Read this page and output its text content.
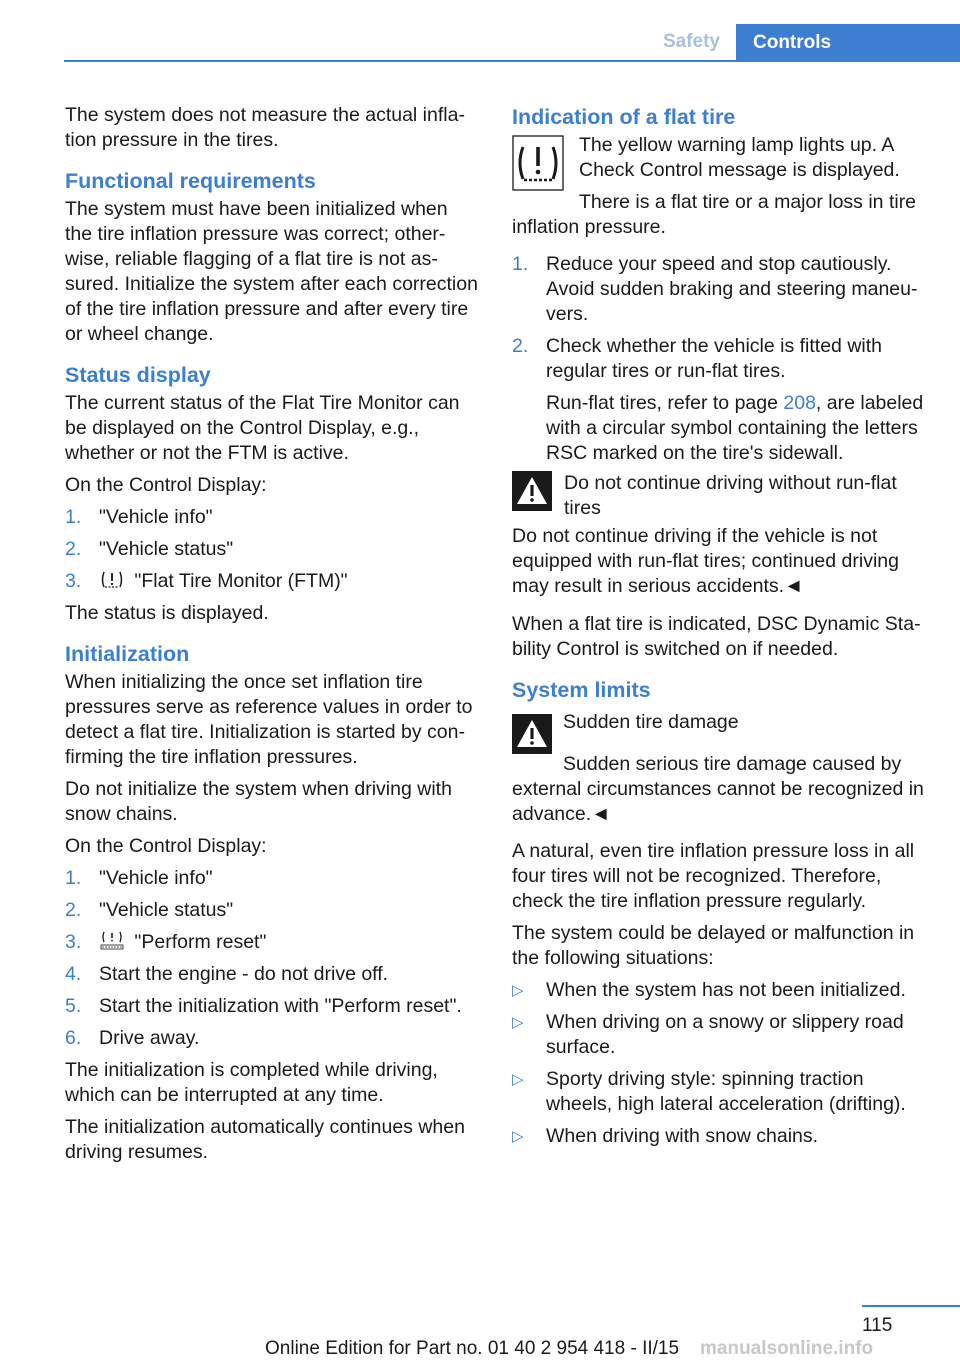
Safety	Controls

The system does not measure the actual inflation pressure in the tires.

Functional requirements

The system must have been initialized when the tire inflation pressure was correct; otherwise, reliable flagging of a flat tire is not assured. Initialize the system after each correction of the tire inflation pressure and after every tire or wheel change.

Status display

The current status of the Flat Tire Monitor can be displayed on the Control Display, e.g., whether or not the FTM is active.

On the Control Display:

1. "Vehicle info"
2. "Vehicle status"
3.	"Flat Tire Monitor (FTM)"

The status is displayed.

Initialization

When initializing the once set inflation tire pressures serve as reference values in order to detect a flat tire. Initialization is started by confirming the tire inflation pressures.

Do not initialize the system when driving with snow chains.

On the Control Display:

1. "Vehicle info"
2. "Vehicle status"
3.	"Perform reset"
4. Start the engine - do not drive off.
5. Start the initialization with "Perform reset".
6. Drive away.

The initialization is completed while driving, which can be interrupted at any time.

The initialization automatically continues when driving resumes.

Indication of a flat tire

The yellow warning lamp lights up. A Check Control message is displayed.

There is a flat tire or a major loss in tire inflation pressure.

1. Reduce your speed and stop cautiously. Avoid sudden braking and steering maneuvers.
2. Check whether the vehicle is fitted with regular tires or run-flat tires.

Run-flat tires, refer to page 208, are labeled with a circular symbol containing the letters RSC marked on the tire's sidewall.

Do not continue driving without run-flat tires

Do not continue driving if the vehicle is not equipped with run-flat tires; continued driving may result in serious accidents.◄

When a flat tire is indicated, DSC Dynamic Stability Control is switched on if needed.

System limits

Sudden tire damage

Sudden serious tire damage caused by external circumstances cannot be recognized in advance.◄

A natural, even tire inflation pressure loss in all four tires will not be recognized. Therefore, check the tire inflation pressure regularly.

The system could be delayed or malfunction in the following situations:

▷	When the system has not been initialized.
▷	When driving on a snowy or slippery road surface.
▷	Sporty driving style: spinning traction wheels, high lateral acceleration (drifting).
▷	When driving with snow chains.
115
Online Edition for Part no. 01 40 2 954 418 - II/15 manualsonline.info
